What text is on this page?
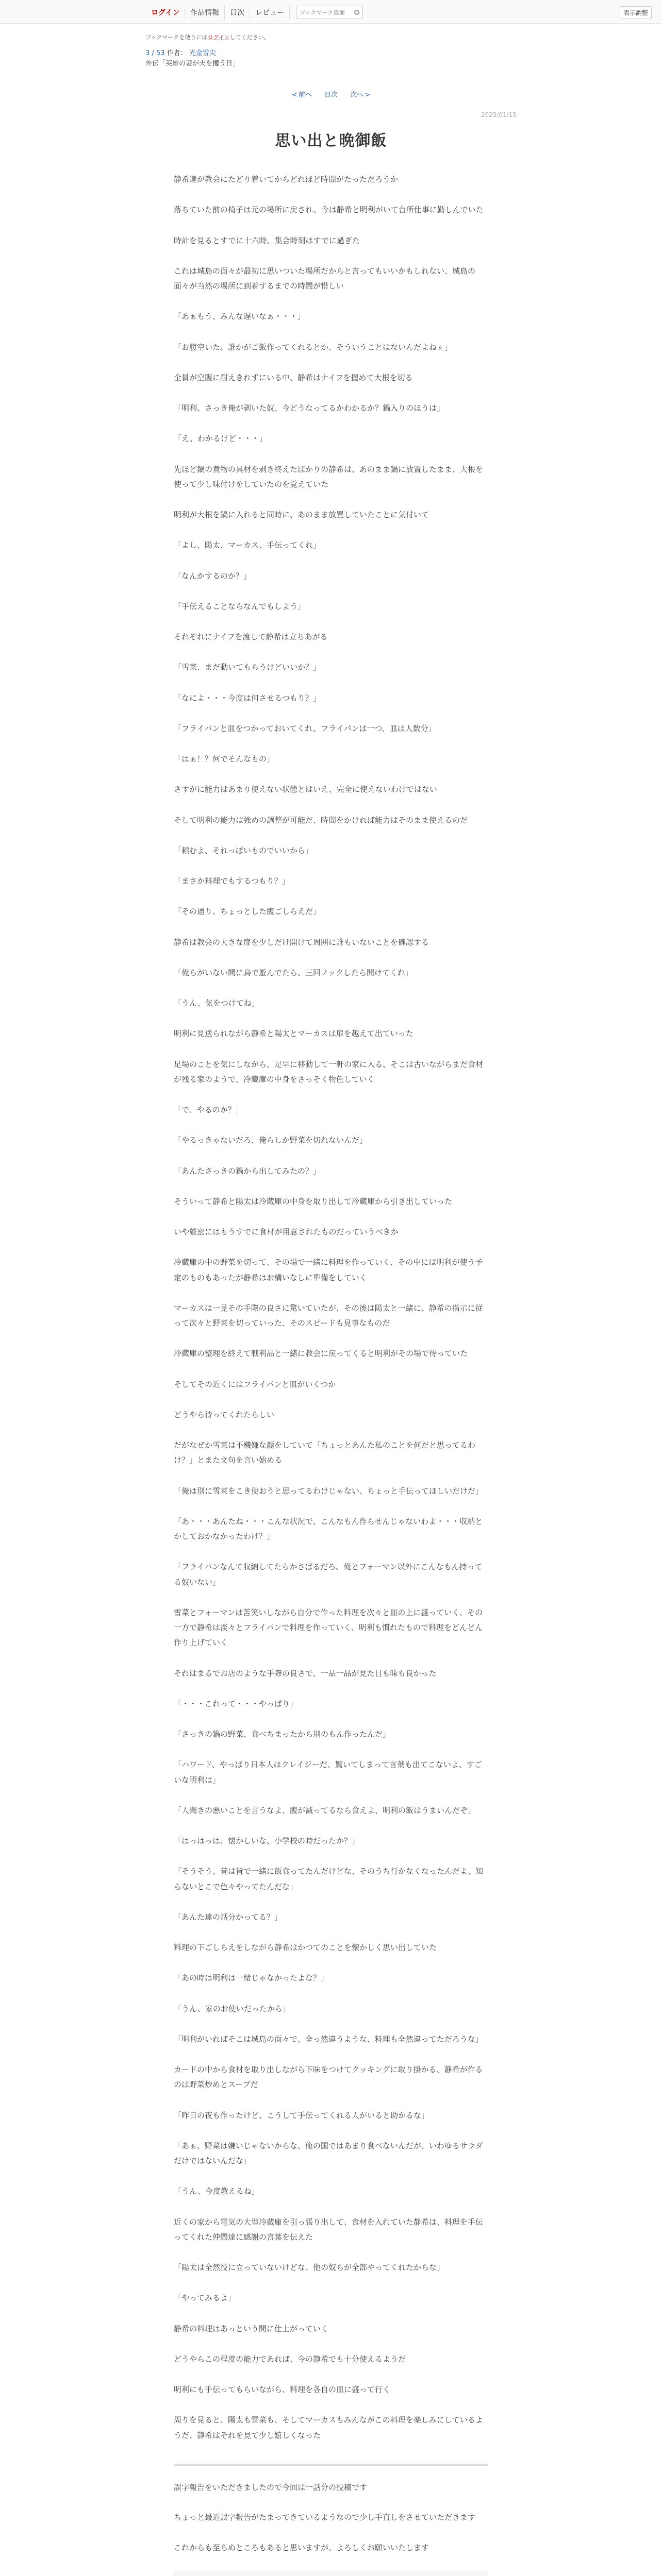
ログイン	作品情報	目次	レビュー
ブックマーク追加	表示調整
ブックマークを使うにはログインしてください。
3 / 53 作者： 光金雪尖
外伝「英雄の妻が夫を攫う日」
< 前へ 目次 次へ >
2025/01/15
思い出と晩御飯

静希達が教会にたどり着いてからどれほど時間がたっただろうか

落ちていた前の椅子は元の場所に戻され、今は静希と明利がいて台所仕事に勤しんでいた

時計を見るとすでに十六時、集合時刻はすでに過ぎた

これは城島の面々が最初に思いついた場所だからと言ってもいいかもしれない、城島の面々が当然の場所に到着するまでの時間が惜しい

「あぁもう、みんな遅いなぁ・・・」

「お腹空いた。誰かがご飯作ってくれるとか、そういうことはないんだよねぇ」

全員が空腹に耐えきれずにいる中、静希はナイフを握めて大根を切る

「明利、さっき俺が剥いた奴、今どうなってるかわかるか？鍋入りのほうは」

「え、わかるけど・・・」

先ほど鍋の煮物の具材を剥き終えたばかりの静希は、あのまま鍋に放置したまま、大根を使って少し味付けをしていたのを覚えていた

明利が大根を鍋に入れると同時に、あのまま放置していたことに気付いて

「よし、陽太、マーカス、手伝ってくれ」

「なんかするのか？」

「手伝えることならなんでもしよう」

それぞれにナイフを渡して静希は立ちあがる

「雪菜、まだ動いてもらうけどいいか？」

「なによ・・・今度は何させるつもり？」

「フライパンと皿をつかっておいてくれ、フライパンは一つ、皿は人数分」

「はぁ！？何でそんなもの」

さすがに能力はあまり使えない状態とはいえ、完全に使えないわけではない

そして明利の能力は強めの調整が可能だ、時間をかければ能力はそのまま使えるのだ

「頼むよ、それっぽいものでいいから」

「まさか料理でもするつもり？」

「その通り、ちょっとした腹ごしらえだ」

静希は教会の大きな扉を少しだけ開けて周囲に誰もいないことを確認する

「俺らがいない間に鳥で遊んでたら、三回ノックしたら開けてくれ」

「うん、気をつけてね」

明利に見送られながら静希と陽太とマーカスは扉を越えて出ていった

足場のことを気にしながら、足早に移動して一軒の家に入る、そこは古いながらまだ食材が残る家のようで、冷蔵庫の中身をさっそく物色していく

「で、やるのか？」

「やるっきゃないだろ、俺らしか野菜を切れないんだ」

「あんたさっきの鍋から出してみたの？」

そういって静希と陽太は冷蔵庫の中身を取り出して冷蔵庫から引き出していった

いや厳密にはもうすでに食材が用意されたものだっていうべきか

冷蔵庫の中の野菜を切って、その場で一緒に料理を作っていく、その中には明利が使う予定のものもあったが静希はお構いなしに準備をしていく

マーカスは一見その手際の良さに驚いていたが、その後は陽太と一緒に、静希の指示に従って次々と野菜を切っていった、そのスピードも見事なものだ

冷蔵庫の整理を終えて戦利品と一緒に教会に戻ってくると明利がその場で待っていた

そしてその近くにはフライパンと皿がいくつか

どうやら待ってくれたらしい

だがなぜか雪菜は不機嫌な顔をしていて「ちょっとあんた私のことを何だと思ってるわけ？」とまた文句を言い始める

「俺は別に雪菜をこき使おうと思ってるわけじゃない、ちょっと手伝ってほしいだけだ」

「あ・・・あんたね・・・こんな状況で、こんなもん作らせんじゃないわよ・・・収納とかしておかなかったわけ？」

「フライパンなんて収納してたらかさばるだろ、俺とフォーマン以外にこんなもん持ってる奴いない」

雪菜とフォーマンは苦笑いしながら自分で作った料理を次々と皿の上に盛っていく、その一方で静希は淡々とフライパンで料理を作っていく、明利も慣れたもので料理をどんどん作り上げていく

それはまるでお店のような手際の良さで、一品一品が見た目も味も良かった

「・・・これって・・・やっぱり」

「さっきの鍋の野菜、食べちまったから別のもん作ったんだ」

「ハワード、やっぱり日本人はクレイジーだ、驚いてしまって言葉も出てこないよ、すごいな明利は」

「人聞きの悪いことを言うなよ、腹が減ってるなら食えよ、明利の飯はうまいんだぞ」

「はっはっは、懐かしいな、小学校の時だったか？」

「そうそう、昔は皆で一緒に飯食ってたんだけどな、そのうち行かなくなったんだよ、知らないとこで色々やってたんだな」

「あんた達の話分かってる？」

料理の下ごしらえをしながら静希はかつてのことを懐かしく思い出していた

「あの時は明利は一緒じゃなかったよな？」

「うん、家のお使いだったから」

「明利がいればそこは城島の面々で、全っ然違うような、料理も全然違ってただろうな」

カードの中から食材を取り出しながら下味をつけてクッキングに取り掛かる、静希が作るのは野菜炒めとスープだ

「昨日の夜も作ったけど、こうして手伝ってくれる人がいると助かるな」

「あぁ、野菜は嫌いじゃないからな、俺の国ではあまり食べないんだが、いわゆるサラダだけではないんだな」

「うん、今度教えるね」

近くの家から電気の大型冷蔵庫を引っ張り出して、食材を入れていた静希は、料理を手伝ってくれた仲間達に感謝の言葉を伝えた

「陽太は全然役に立っていないけどな、他の奴らが全部やってくれたからな」

「やってみるよ」

静希の料理はあっという間に仕上がっていく

どうやらこの程度の能力であれば、今の静希でも十分使えるようだ

明利にも手伝ってもらいながら、料理を各自の皿に盛って行く

周りを見ると、陽太も雪菜も、そしてマーカスもみんながこの料理を楽しみにしているようだ、静希はそれを見て少し嬉しくなった

誤字報告をいただきましたので今回は一話分の投稿です

ちょっと最近誤字報告がたまってきているようなので少し手直しをさせていただきます

これからも至らぬところもあると思いますが、よろしくお願いいたします
